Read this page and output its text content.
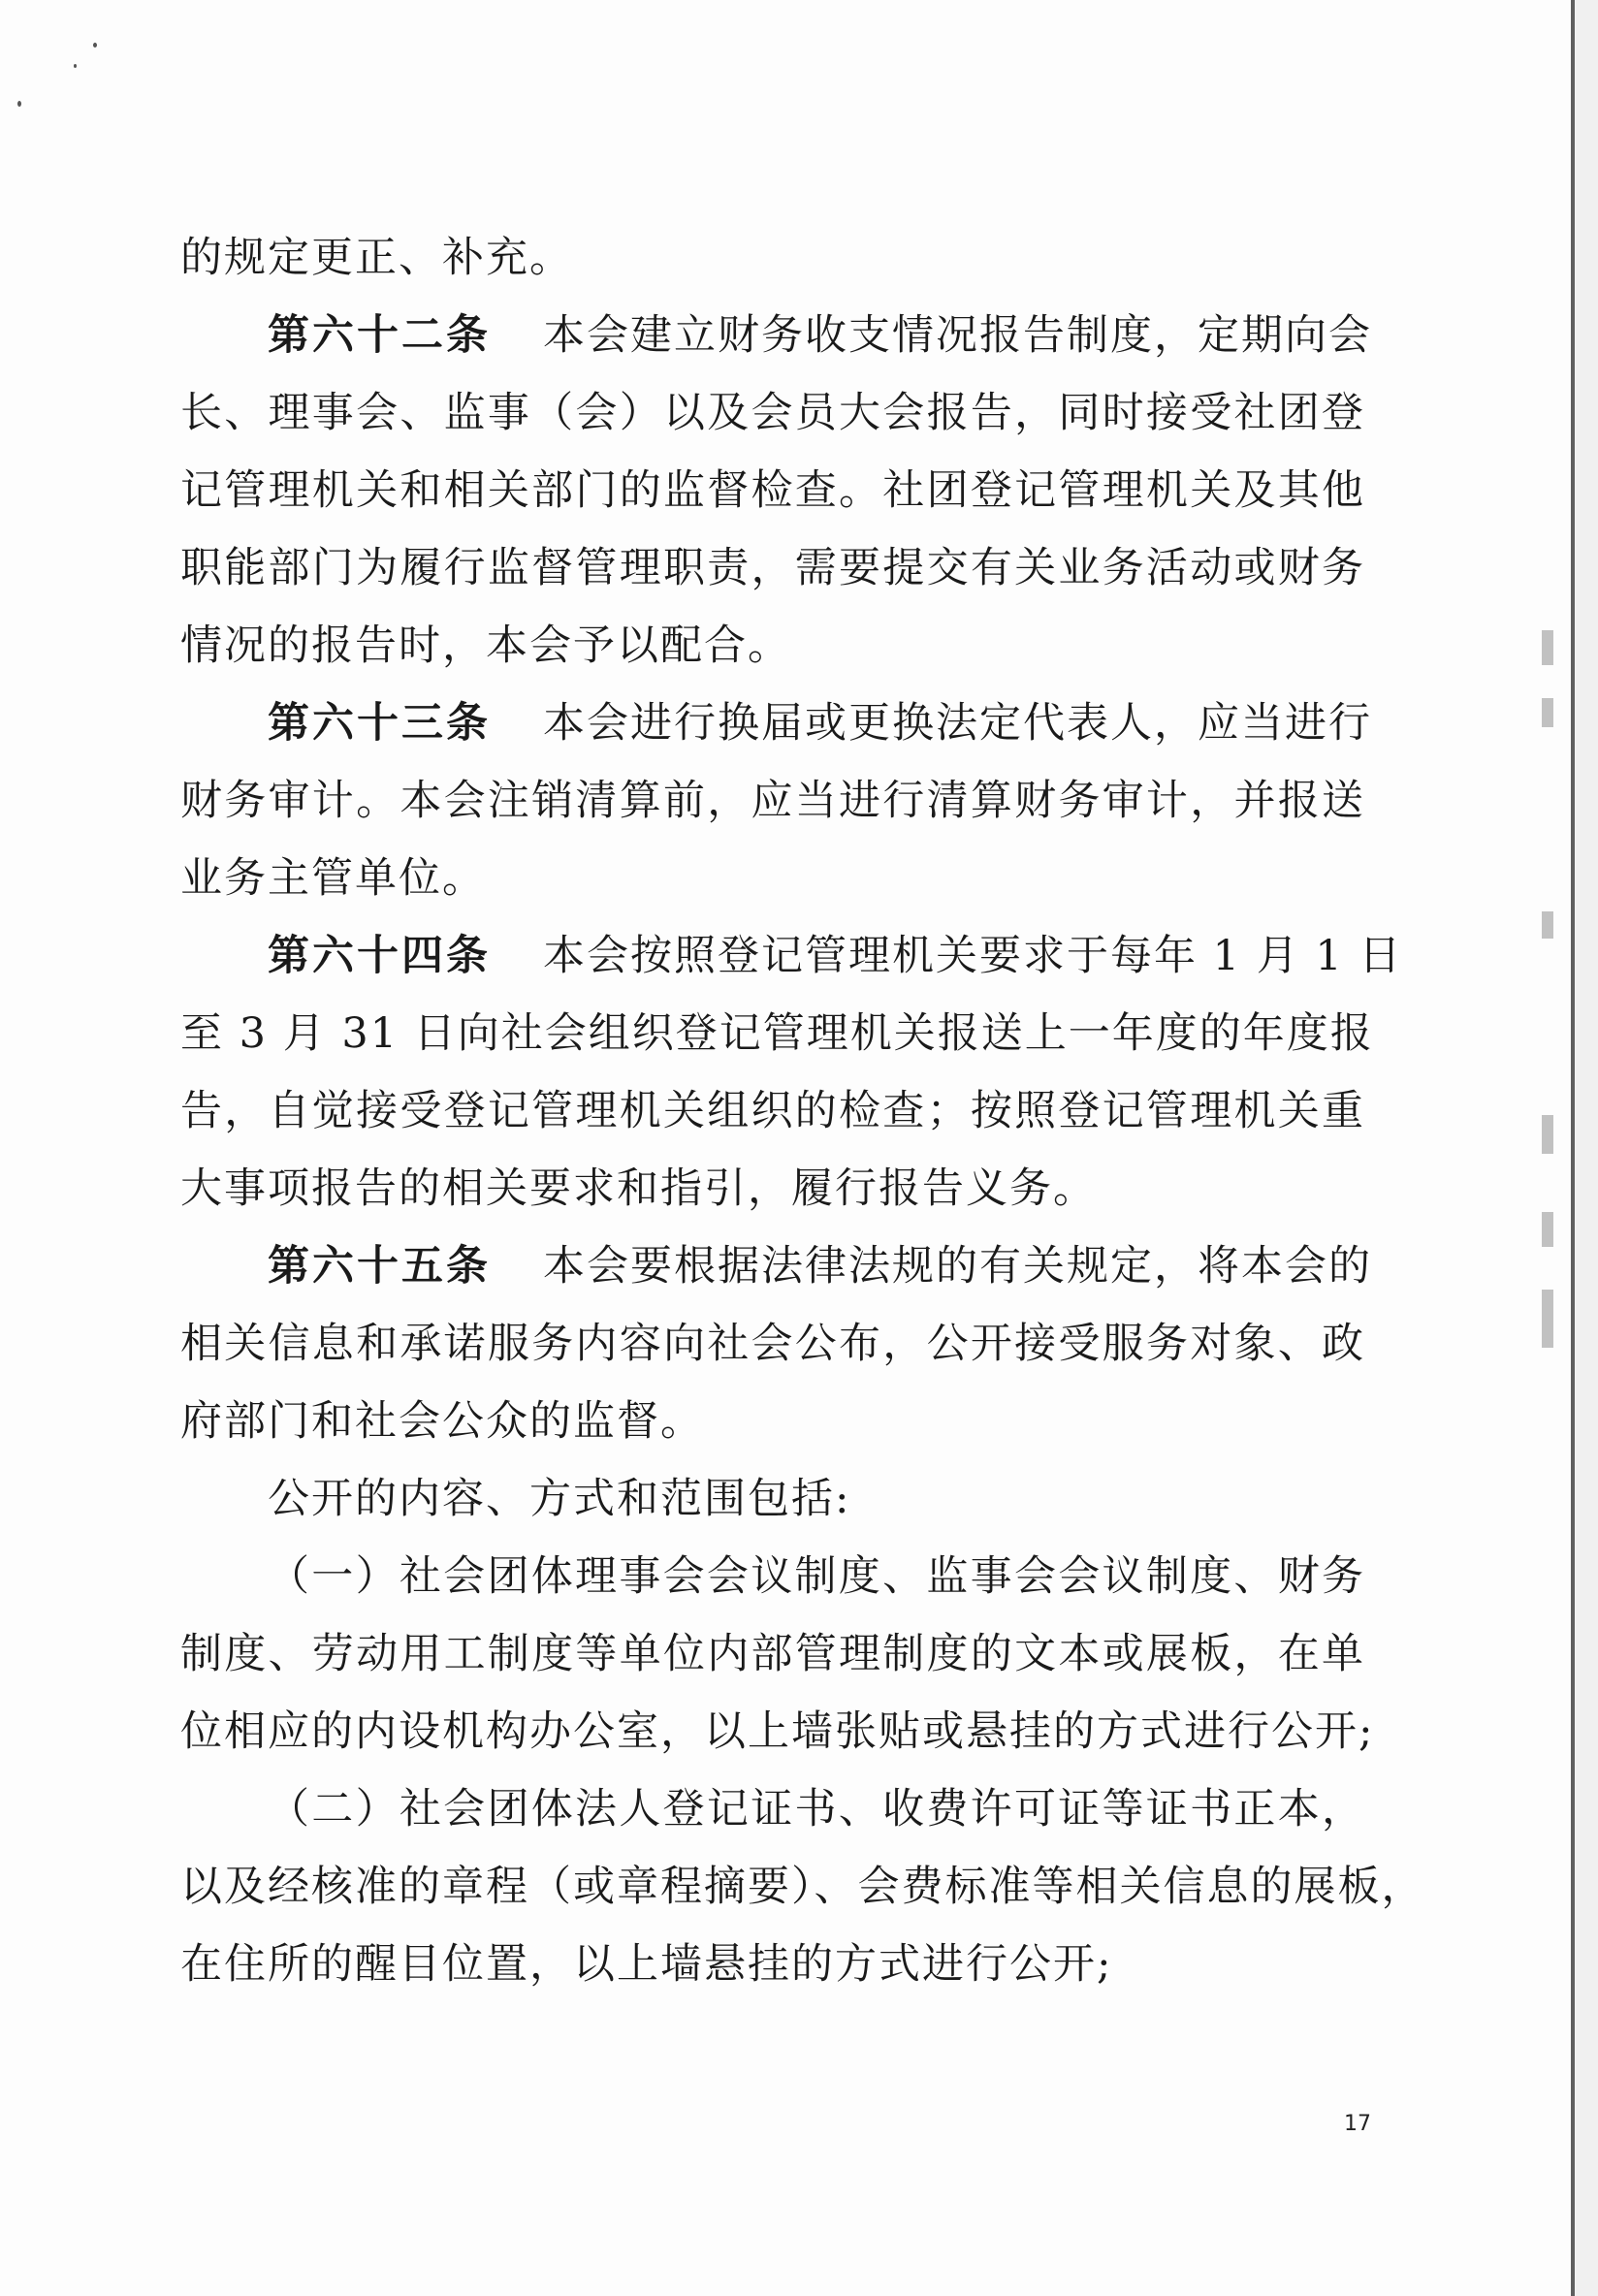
的规定更正、补充。
第六十二条 本会建立财务收支情况报告制度，定期向会
长、理事会、监事（会）以及会员大会报告，同时接受社团登
记管理机关和相关部门的监督检查。社团登记管理机关及其他
职能部门为履行监督管理职责，需要提交有关业务活动或财务
情况的报告时，本会予以配合。
第六十三条 本会进行换届或更换法定代表人，应当进行
财务审计。本会注销清算前，应当进行清算财务审计，并报送
业务主管单位。
第六十四条 本会按照登记管理机关要求于每年 1 月 1 日
至 3 月 31 日向社会组织登记管理机关报送上一年度的年度报
告，自觉接受登记管理机关组织的检查；按照登记管理机关重
大事项报告的相关要求和指引，履行报告义务。
第六十五条 本会要根据法律法规的有关规定，将本会的
相关信息和承诺服务内容向社会公布，公开接受服务对象、政
府部门和社会公众的监督。
公开的内容、方式和范围包括:
（一）社会团体理事会会议制度、监事会会议制度、财务
制度、劳动用工制度等单位内部管理制度的文本或展板，在单
位相应的内设机构办公室，以上墙张贴或悬挂的方式进行公开;
（二）社会团体法人登记证书、收费许可证等证书正本，
以及经核准的章程（或章程摘要）、会费标准等相关信息的展板，
在住所的醒目位置，以上墙悬挂的方式进行公开;
17
